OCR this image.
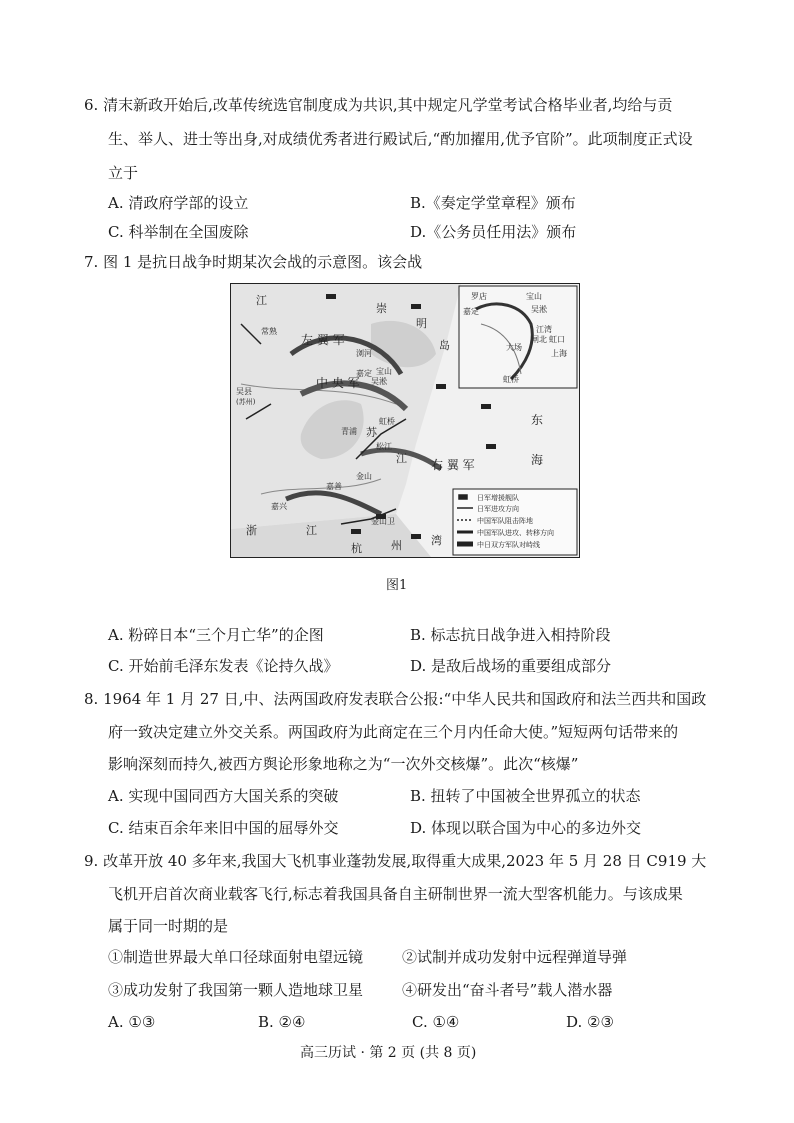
6. 清末新政开始后,改革传统选官制度成为共识,其中规定凡学堂考试合格毕业者,均给与贡
生、举人、进士等出身,对成绩优秀者进行殿试后,“酌加擢用,优予官阶”。此项制度正式设
立于
A. 清政府学部的设立	B.《奏定学堂章程》颁布
C. 科举制在全国废除	D.《公务员任用法》颁布
7. 图 1 是抗日战争时期某次会战的示意图。该会战
江
崇
明
岛
常熟
左 翼 军
浏河
宝山
吴淞
嘉定
吴县
(苏州)
中 央 军
青浦
虹桥
松江
右 翼 军
苏
江
金山
嘉善
嘉兴
浙	江
金山卫
杭	州	湾
东
海
罗店	宝山
嘉定	吴淞
江湾
闸北 虹口
大场
上海
虹桥
日军增援舰队
日军进攻方向
中国军队阻击阵地
中国军队进攻、转移方向
中日双方军队对峙线
图1
A. 粉碎日本“三个月亡华”的企图	B. 标志抗日战争进入相持阶段
C. 开始前毛泽东发表《论持久战》	D. 是敌后战场的重要组成部分
8. 1964 年 1 月 27 日,中、法两国政府发表联合公报:“中华人民共和国政府和法兰西共和国政
府一致决定建立外交关系。两国政府为此商定在三个月内任命大使。”短短两句话带来的
影响深刻而持久,被西方舆论形象地称之为“一次外交核爆”。此次“核爆”
A. 实现中国同西方大国关系的突破	B. 扭转了中国被全世界孤立的状态
C. 结束百余年来旧中国的屈辱外交	D. 体现以联合国为中心的多边外交
9. 改革开放 40 多年来,我国大飞机事业蓬勃发展,取得重大成果,2023 年 5 月 28 日 C919 大
飞机开启首次商业载客飞行,标志着我国具备自主研制世界一流大型客机能力。与该成果
属于同一时期的是
①制造世界最大单口径球面射电望远镜	②试制并成功发射中远程弹道导弹
③成功发射了我国第一颗人造地球卫星	④研发出“奋斗者号”载人潜水器
A. ①③	B. ②④	C. ①④	D. ②③
高三历试 · 第 2 页 (共 8 页)
